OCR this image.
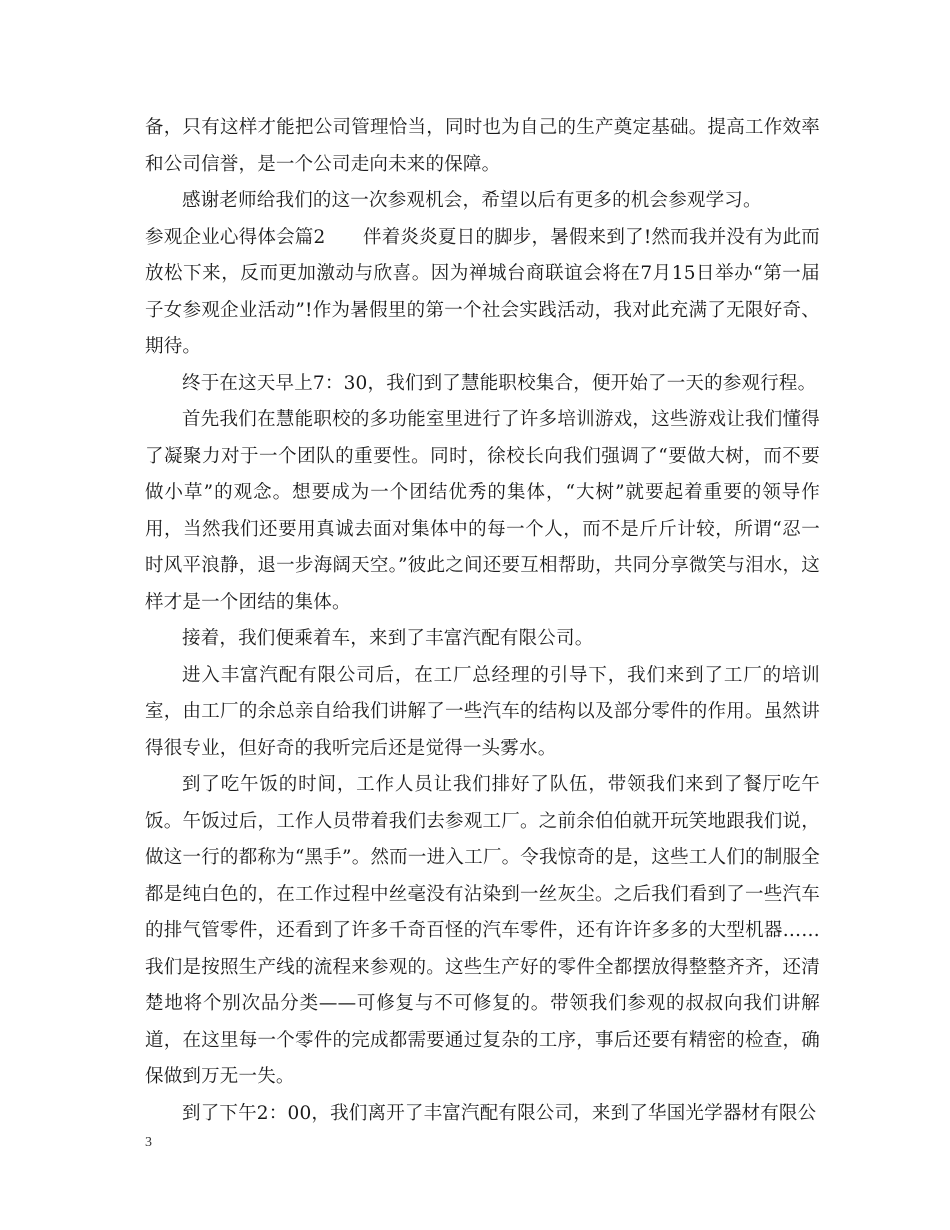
备，只有这样才能把公司管理恰当，同时也为自己的生产奠定基础。提高工作效率和公司信誉，是一个公司走向未来的保障。

感谢老师给我们的这一次参观机会，希望以后有更多的机会参观学习。

参观企业心得体会篇2　　伴着炎炎夏日的脚步，暑假来到了!然而我并没有为此而放松下来，反而更加激动与欣喜。因为禅城台商联谊会将在7月15日举办“第一届子女参观企业活动”!作为暑假里的第一个社会实践活动，我对此充满了无限好奇、期待。

终于在这天早上7：30，我们到了慧能职校集合，便开始了一天的参观行程。

首先我们在慧能职校的多功能室里进行了许多培训游戏，这些游戏让我们懂得了凝聚力对于一个团队的重要性。同时，徐校长向我们强调了“要做大树，而不要做小草”的观念。想要成为一个团结优秀的集体，“大树”就要起着重要的领导作用，当然我们还要用真诚去面对集体中的每一个人，而不是斤斤计较，所谓“忍一时风平浪静，退一步海阔天空。”彼此之间还要互相帮助，共同分享微笑与泪水，这样才是一个团结的集体。

接着，我们便乘着车，来到了丰富汽配有限公司。

进入丰富汽配有限公司后，在工厂总经理的引导下，我们来到了工厂的培训室，由工厂的余总亲自给我们讲解了一些汽车的结构以及部分零件的作用。虽然讲得很专业，但好奇的我听完后还是觉得一头雾水。

到了吃午饭的时间，工作人员让我们排好了队伍，带领我们来到了餐厅吃午饭。午饭过后，工作人员带着我们去参观工厂。之前余伯伯就开玩笑地跟我们说，做这一行的都称为“黑手”。然而一进入工厂。令我惊奇的是，这些工人们的制服全都是纯白色的，在工作过程中丝毫没有沾染到一丝灰尘。之后我们看到了一些汽车的排气管零件，还看到了许多千奇百怪的汽车零件，还有许许多多的大型机器……我们是按照生产线的流程来参观的。这些生产好的零件全都摆放得整整齐齐，还清楚地将个别次品分类——可修复与不可修复的。带领我们参观的叔叔向我们讲解道，在这里每一个零件的完成都需要通过复杂的工序，事后还要有精密的检查，确保做到万无一失。

到了下午2：00，我们离开了丰富汽配有限公司，来到了华国光学器材有限公

3
